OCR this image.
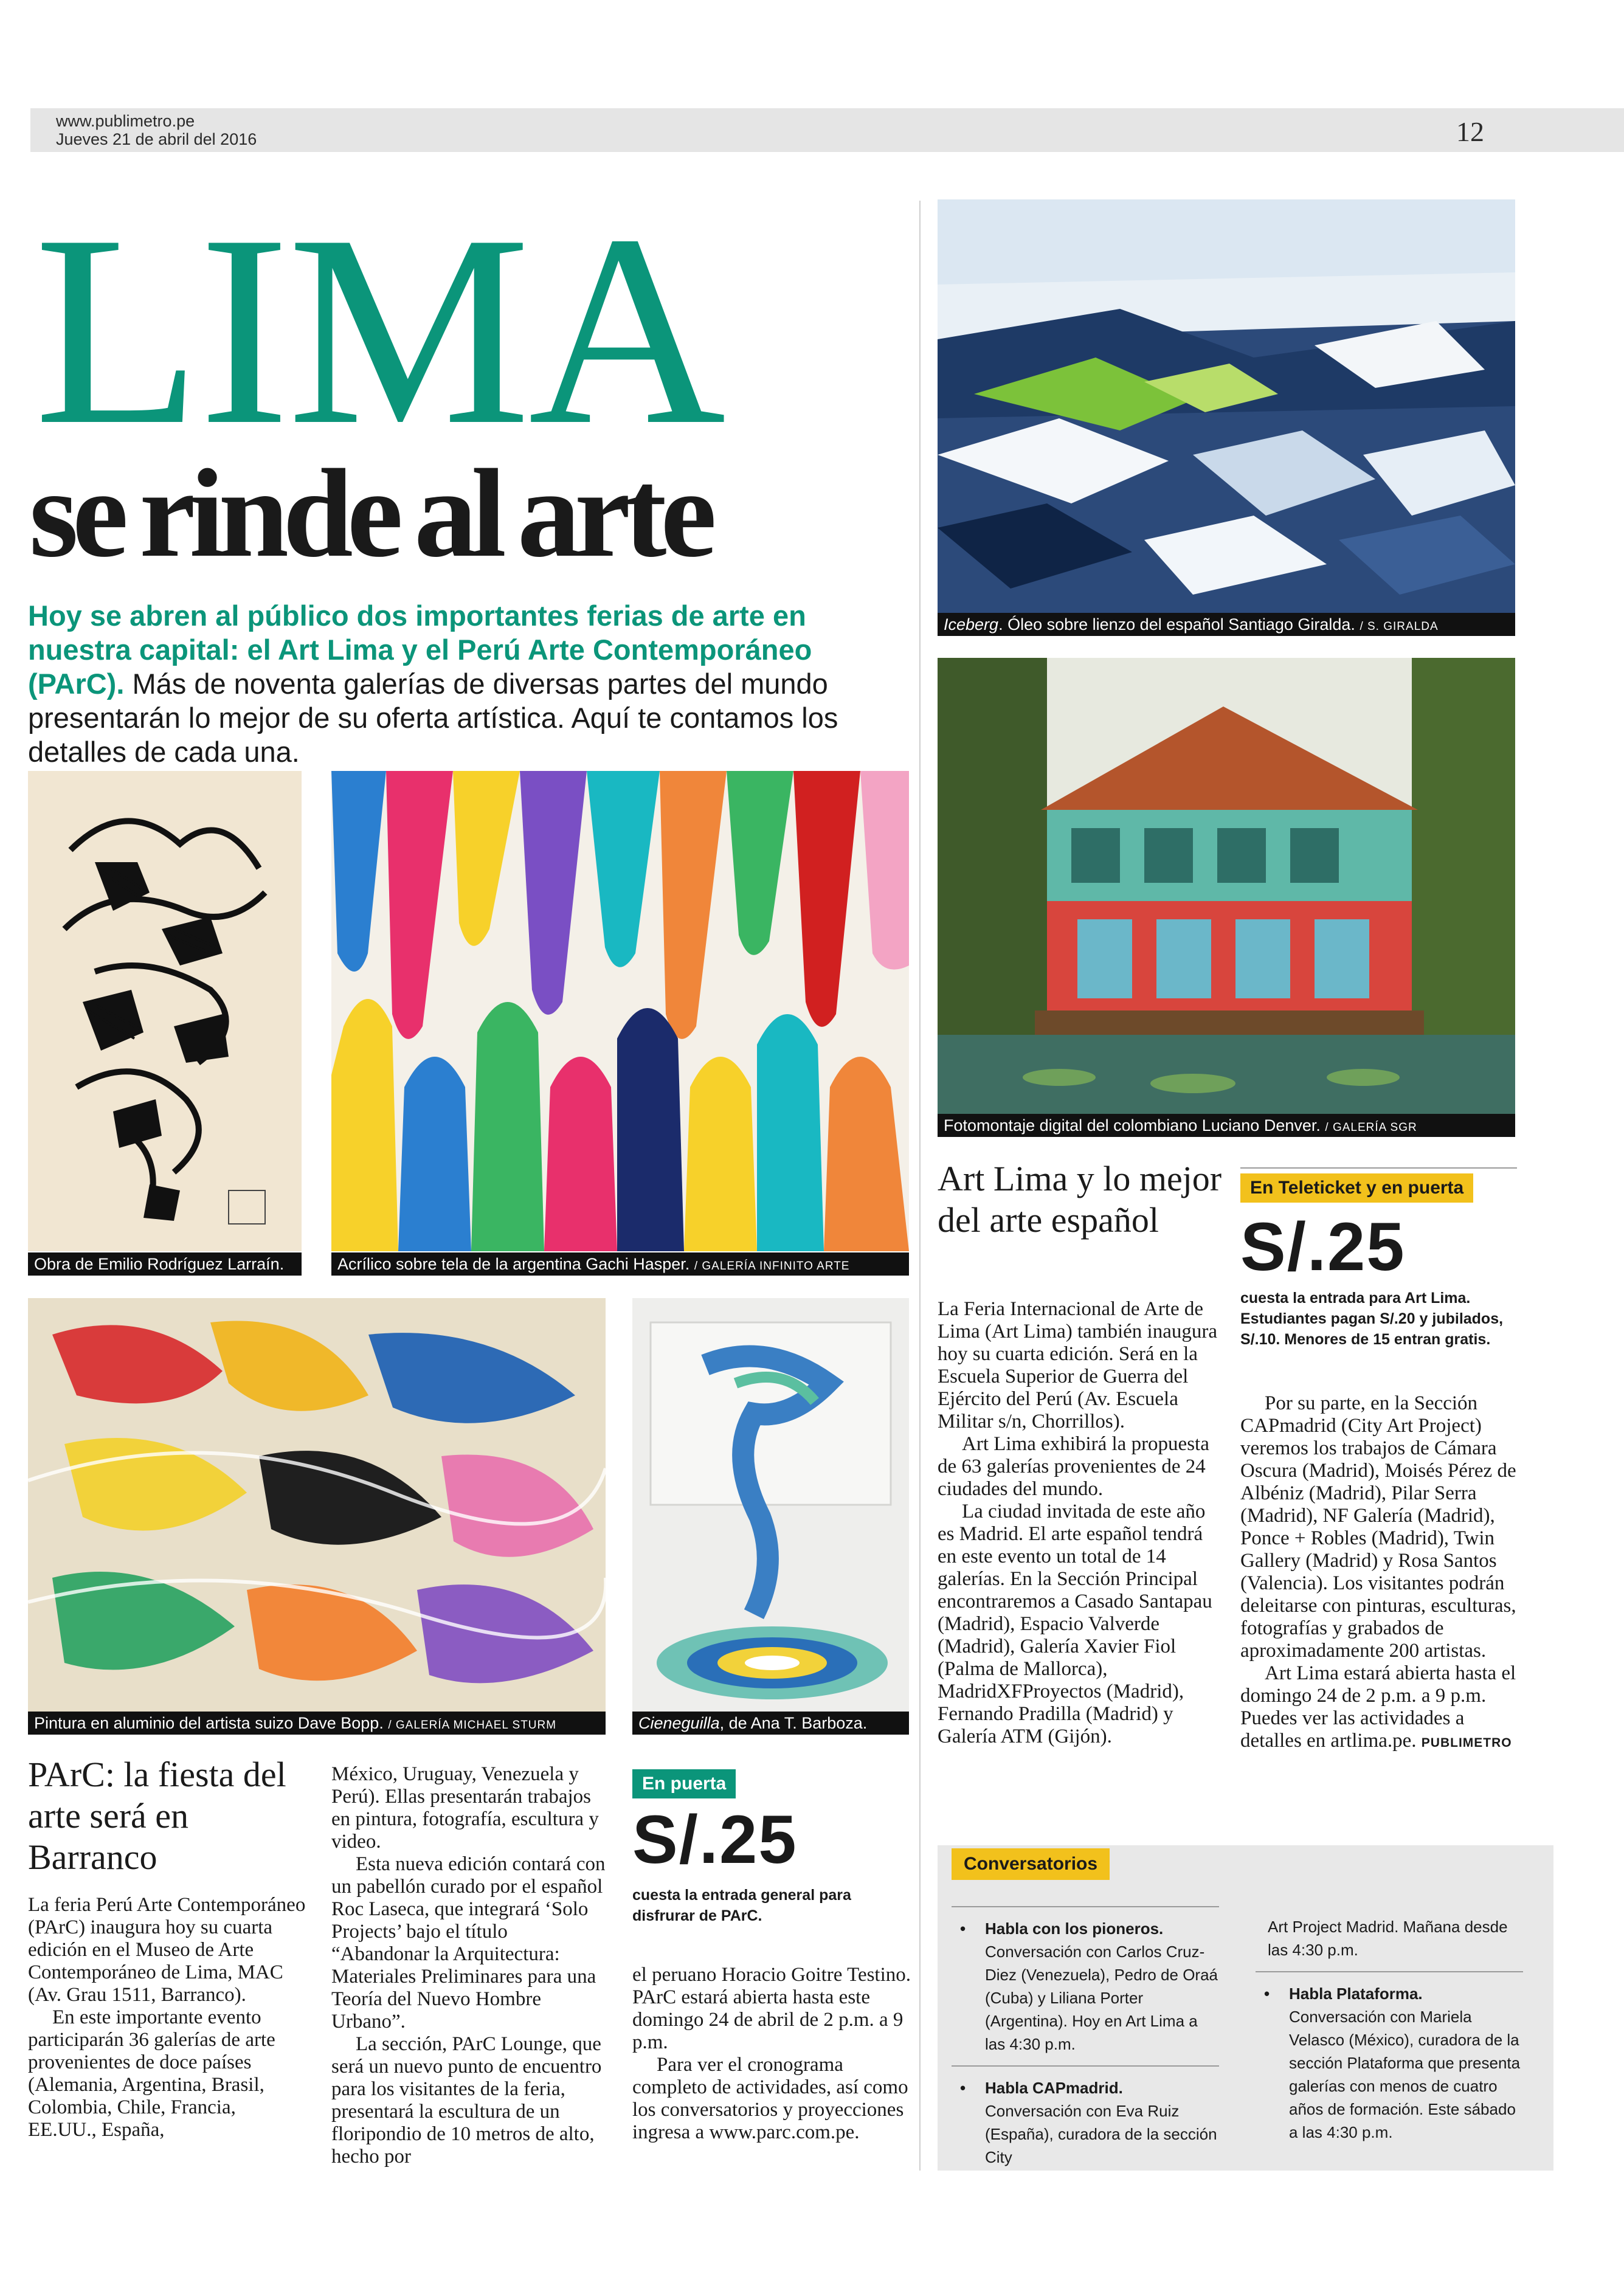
www.publimetro.pe
Jueves 21 de abril del 2016	12
LIMA
se rinde al arte
Hoy se abren al público dos importantes ferias de arte en nuestra capital: el Art Lima y el Perú Arte Contemporáneo (PArC). Más de noventa galerías de diversas partes del mundo presentarán lo mejor de su oferta artística. Aquí te contamos los detalles de cada una.
Obra de Emilio Rodríguez Larraín.	Acrílico sobre tela de la argentina Gachi Hasper. / GALERÍA INFINITO ARTE
Iceberg. Óleo sobre lienzo del español Santiago Giralda. / S. GIRALDA
Fotomontaje digital del colombiano Luciano Denver. / GALERÍA SGR
Pintura en aluminio del artista suizo Dave Bopp. / GALERÍA MICHAEL STURM	Cieneguilla, de Ana T. Barboza.
PArC: la fiesta del arte será en Barranco

La feria Perú Arte Contemporáneo (PArC) inaugura hoy su cuarta edición en el Museo de Arte Contemporáneo de Lima, MAC (Av. Grau 1511, Barranco).

En este importante evento participarán 36 galerías de arte provenientes de doce países (Alemania, Argentina, Brasil, Colombia, Chile, Francia, EE.UU., España,

México, Uruguay, Venezuela y Perú). Ellas presentarán trabajos en pintura, fotografía, escultura y video.

Esta nueva edición contará con un pabellón curado por el español Roc Laseca, que integrará ‘Solo Projects’ bajo el título “Abandonar la Arquitectura: Materiales Preliminares para una Teoría del Nuevo Hombre Urbano”.

La sección, PArC Lounge, que será un nuevo punto de encuentro para los visitantes de la feria, presentará la escultura de un floripondio de 10 metros de alto, hecho por

En puerta
S/.25
cuesta la entrada general para disfrurar de PArC.

el peruano Horacio Goitre Testino. PArC estará abierta hasta este domingo 24 de abril de 2 p.m. a 9 p.m.

Para ver el cronograma completo de actividades, así como los conversatorios y proyecciones ingresa a www.parc.com.pe.

Art Lima y lo mejor del arte español

La Feria Internacional de Arte de Lima (Art Lima) también inaugura hoy su cuarta edición. Será en la Escuela Superior de Guerra del Ejército del Perú (Av. Escuela Militar s/n, Chorrillos).

Art Lima exhibirá la propuesta de 63 galerías provenientes de 24 ciudades del mundo.

La ciudad invitada de este año es Madrid. El arte español tendrá en este evento un total de 14 galerías. En la Sección Principal encontraremos a Casado Santapau (Madrid), Espacio Valverde (Madrid), Galería Xavier Fiol (Palma de Mallorca), MadridXFProyectos (Madrid), Fernando Pradilla (Madrid) y Galería ATM (Gijón).

En Teleticket y en puerta
S/.25
cuesta la entrada para Art Lima. Estudiantes pagan S/.20 y jubilados, S/.10. Menores de 15 entran gratis.

Por su parte, en la Sección CAPmadrid (City Art Project) veremos los trabajos de Cámara Oscura (Madrid), Moisés Pérez de Albéniz (Madrid), Pilar Serra (Madrid), NF Galería (Madrid), Ponce + Robles (Madrid), Twin Gallery (Madrid) y Rosa Santos (Valencia). Los visitantes podrán deleitarse con pinturas, esculturas, fotografías y grabados de aproximadamente 200 artistas.

Art Lima estará abierta hasta el domingo 24 de 2 p.m. a 9 p.m. Puedes ver las actividades a detalles en artlima.pe. PUBLIMETRO

Conversatorios
• Habla con los pioneros. Conversación con Carlos Cruz-Diez (Venezuela), Pedro de Oraá (Cuba) y Liliana Porter (Argentina). Hoy en Art Lima a las 4:30 p.m.
• Habla CAPmadrid. Conversación con Eva Ruiz (España), curadora de la sección City
Art Project Madrid. Mañana desde las 4:30 p.m.
• Habla Plataforma. Conversación con Mariela Velasco (México), curadora de la sección Plataforma que presenta galerías con menos de cuatro años de formación. Este sábado a las 4:30 p.m.
